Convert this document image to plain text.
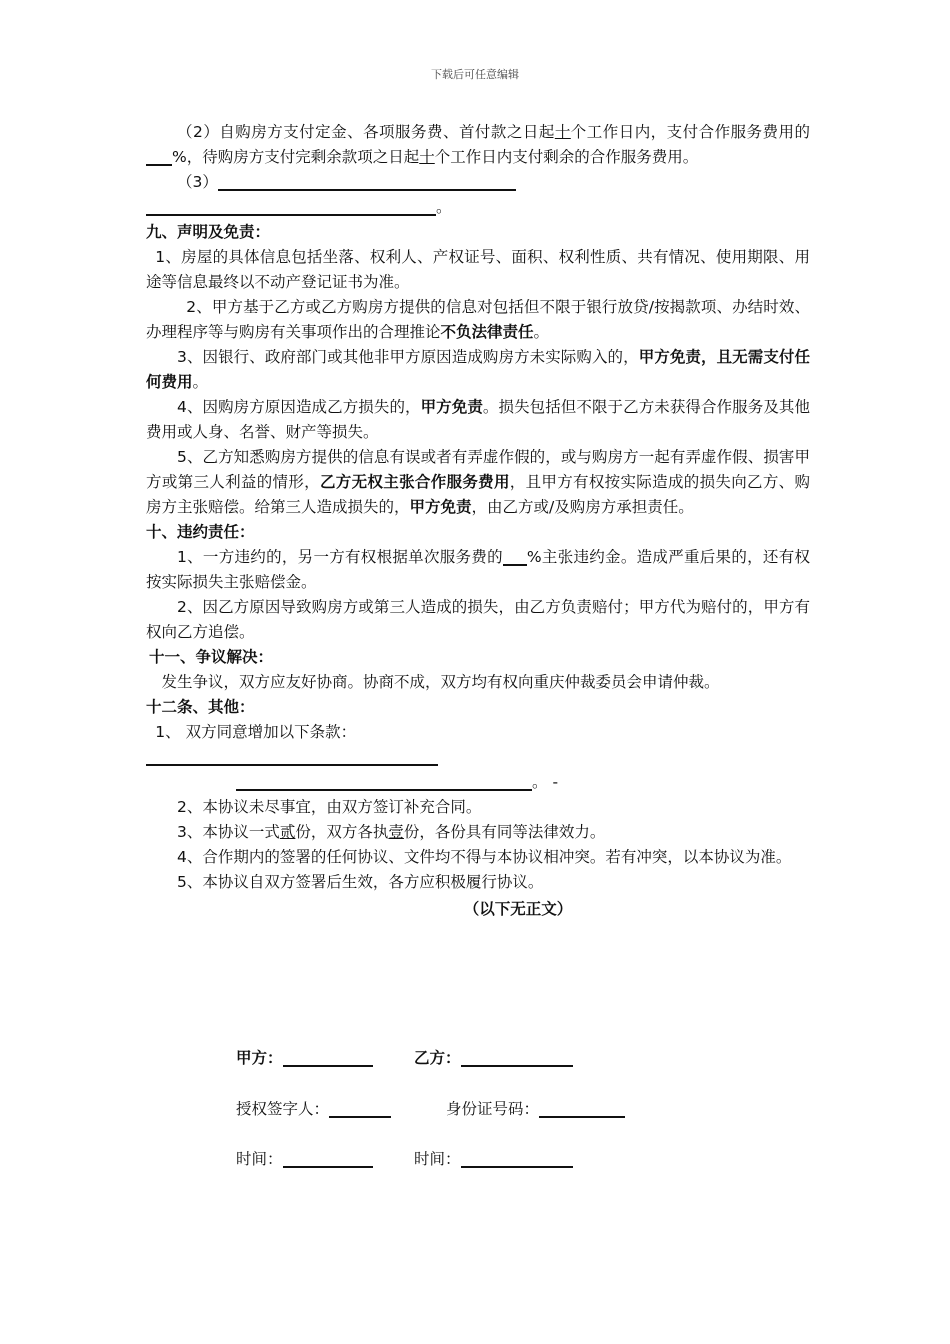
下载后可任意编辑

（2）自购房方支付定金、各项服务费、首付款之日起十个工作日内，支付合作服务费用的%，待购房方支付完剩余款项之日起十个工作日内支付剩余的合作服务费用。

（3）

。

九、声明及免责：

1、房屋的具体信息包括坐落、权利人、产权证号、面积、权利性质、共有情况、使用期限、用途等信息最终以不动产登记证书为准。

2、甲方基于乙方或乙方购房方提供的信息对包括但不限于银行放贷/按揭款项、办结时效、办理程序等与购房有关事项作出的合理推论不负法律责任。

3、因银行、政府部门或其他非甲方原因造成购房方未实际购入的，甲方免责，且无需支付任何费用。

4、因购房方原因造成乙方损失的，甲方免责。损失包括但不限于乙方未获得合作服务及其他费用或人身、名誉、财产等损失。

5、乙方知悉购房方提供的信息有误或者有弄虚作假的，或与购房方一起有弄虚作假、损害甲方或第三人利益的情形，乙方无权主张合作服务费用，且甲方有权按实际造成的损失向乙方、购房方主张赔偿。给第三人造成损失的，甲方免责，由乙方或/及购房方承担责任。

十、违约责任：

1、一方违约的，另一方有权根据单次服务费的 %主张违约金。造成严重后果的，还有权按实际损失主张赔偿金。

2、因乙方原因导致购房方或第三人造成的损失，由乙方负责赔付；甲方代为赔付的，甲方有权向乙方追偿。

十一、争议解决：

发生争议，双方应友好协商。协商不成，双方均有权向重庆仲裁委员会申请仲裁。

十二条、其他：

1、 双方同意增加以下条款：

。 -

2、本协议未尽事宜，由双方签订补充合同。

3、本协议一式贰份，双方各执壹份，各份具有同等法律效力。

4、合作期内的签署的任何协议、文件均不得与本协议相冲突。若有冲突，以本协议为准。

5、本协议自双方签署后生效，各方应积极履行协议。

（以下无正文）

甲方：	乙方：
授权签字人：	身份证号码：
时间：	时间：
